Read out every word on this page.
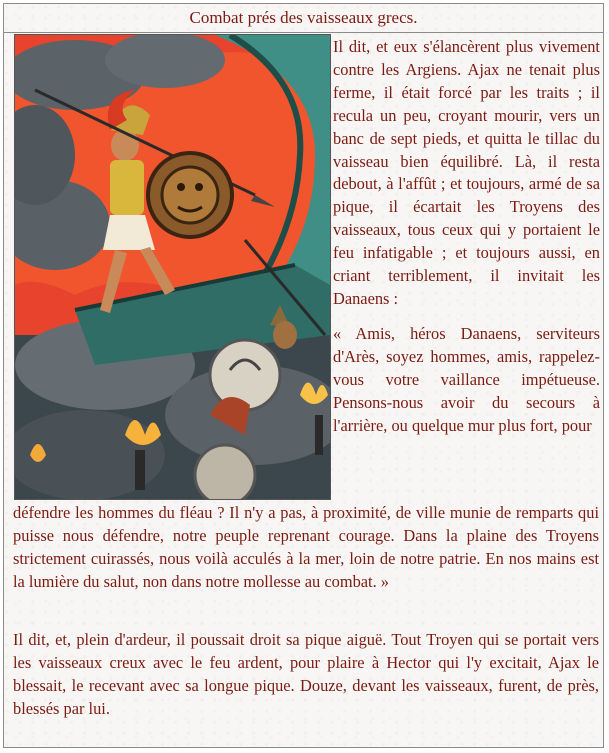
Combat prés des vaisseaux grecs.
Il dit, et eux s'élancèrent plus vivement contre les Argiens. Ajax ne tenait plus ferme, il était forcé par les traits ; il recula un peu, croyant mourir, vers un banc de sept pieds, et quitta le tillac du vaisseau bien équilibré. Là, il resta debout, à l'affût ; et toujours, armé de sa pique, il écartait les Troyens des vaisseaux, tous ceux qui y portaient le feu infatigable ; et toujours aussi, en criant terriblement, il invitait les Danaens :
« Amis, héros Danaens, serviteurs d'Arès, soyez hommes, amis, rappelez-vous votre vaillance impétueuse. Pensons-nous avoir du secours à l'arrière, ou quelque mur plus fort, pour
défendre les hommes du fléau ? Il n'y a pas, à proximité, de ville munie de remparts qui puisse nous défendre, notre peuple reprenant courage. Dans la plaine des Troyens strictement cuirassés, nous voilà acculés à la mer, loin de notre patrie. En nos mains est la lumière du salut, non dans notre mollesse au combat. »
Il dit, et, plein d'ardeur, il poussait droit sa pique aiguë. Tout Troyen qui se portait vers les vaisseaux creux avec le feu ardent, pour plaire à Hector qui l'y excitait, Ajax le blessait, le recevant avec sa longue pique. Douze, devant les vaisseaux, furent, de près, blessés par lui.
